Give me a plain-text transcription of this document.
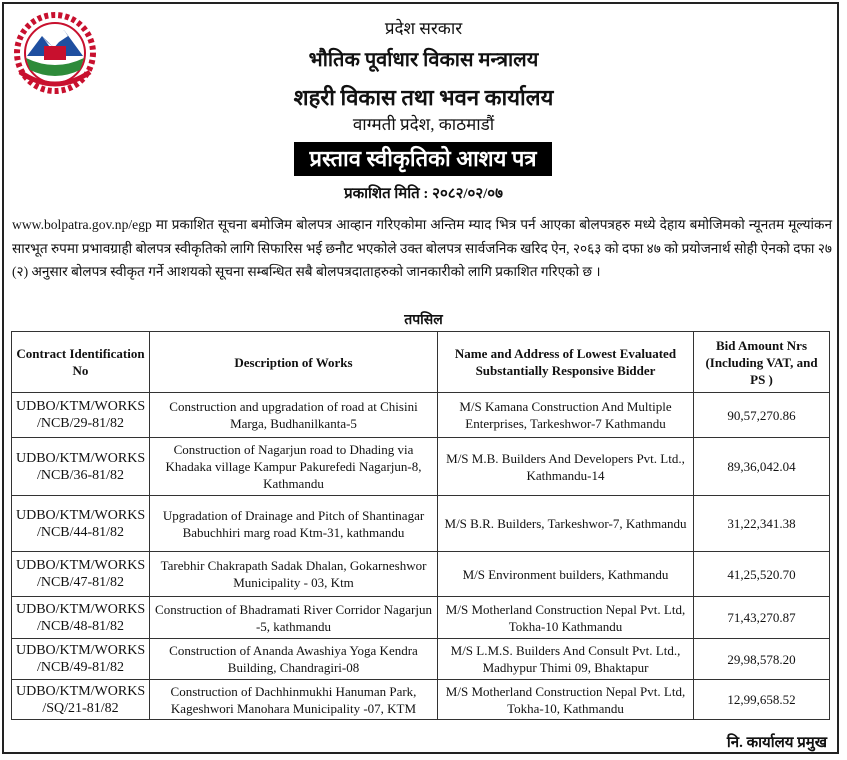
प्रदेश सरकार
भौतिक पूर्वाधार विकास मन्त्रालय
शहरी विकास तथा भवन कार्यालय
वाग्मती प्रदेश, काठमाडौं
प्रस्ताव स्वीकृतिको आशय पत्र
प्रकाशित मिति : २०८२/०२/०७
www.bolpatra.gov.np/egp मा प्रकाशित सूचना बमोजिम बोलपत्र आव्हान गरिएकोमा अन्तिम म्याद भित्र पर्न आएका बोलपत्रहरु मध्ये देहाय बमोजिमको न्यूनतम मूल्यांकन सारभूत रुपमा प्रभावग्राही बोलपत्र स्वीकृतिको लागि सिफारिस भई छनौट भएकोले उक्त बोलपत्र सार्वजनिक खरिद ऐन, २०६३ को दफा ४७ को प्रयोजनार्थ सोही ऐनको दफा २७ (२) अनुसार बोलपत्र स्वीकृत गर्ने आशयको सूचना सम्बन्धित सबै बोलपत्रदाताहरुको जानकारीको लागि प्रकाशित गरिएको छ ।
तपसिल
Contract Identification No	Description of Works	Name and Address of Lowest Evaluated Substantially Responsive Bidder	Bid Amount Nrs (Including VAT, and PS )
UDBO/KTM/WORKS /NCB/29-81/82	Construction and upgradation of road at Chisini Marga, Budhanilkanta-5	M/S Kamana Construction And Multiple Enterprises, Tarkeshwor-7 Kathmandu	90,57,270.86
UDBO/KTM/WORKS /NCB/36-81/82	Construction of Nagarjun road to Dhading via Khadaka village Kampur Pakurefedi Nagarjun-8, Kathmandu	M/S M.B. Builders And Developers Pvt. Ltd., Kathmandu-14	89,36,042.04
UDBO/KTM/WORKS /NCB/44-81/82	Upgradation of Drainage and Pitch of Shantinagar Babuchhiri marg road Ktm-31, kathmandu	M/S B.R. Builders, Tarkeshwor-7, Kathmandu	31,22,341.38
UDBO/KTM/WORKS /NCB/47-81/82	Tarebhir Chakrapath Sadak Dhalan, Gokarneshwor Municipality - 03, Ktm	M/S Environment builders, Kathmandu	41,25,520.70
UDBO/KTM/WORKS /NCB/48-81/82	Construction of Bhadramati River Corridor Nagarjun -5, kathmandu	M/S Motherland Construction Nepal Pvt. Ltd, Tokha-10 Kathmandu	71,43,270.87
UDBO/KTM/WORKS /NCB/49-81/82	Construction of Ananda Awashiya Yoga Kendra Building, Chandragiri-08	M/S L.M.S. Builders And Consult Pvt. Ltd., Madhypur Thimi 09, Bhaktapur	29,98,578.20
UDBO/KTM/WORKS /SQ/21-81/82	Construction of Dachhinmukhi Hanuman Park, Kageshwori Manohara Municipality -07, KTM	M/S Motherland Construction Nepal Pvt. Ltd, Tokha-10, Kathmandu	12,99,658.52
नि. कार्यालय प्रमुख
